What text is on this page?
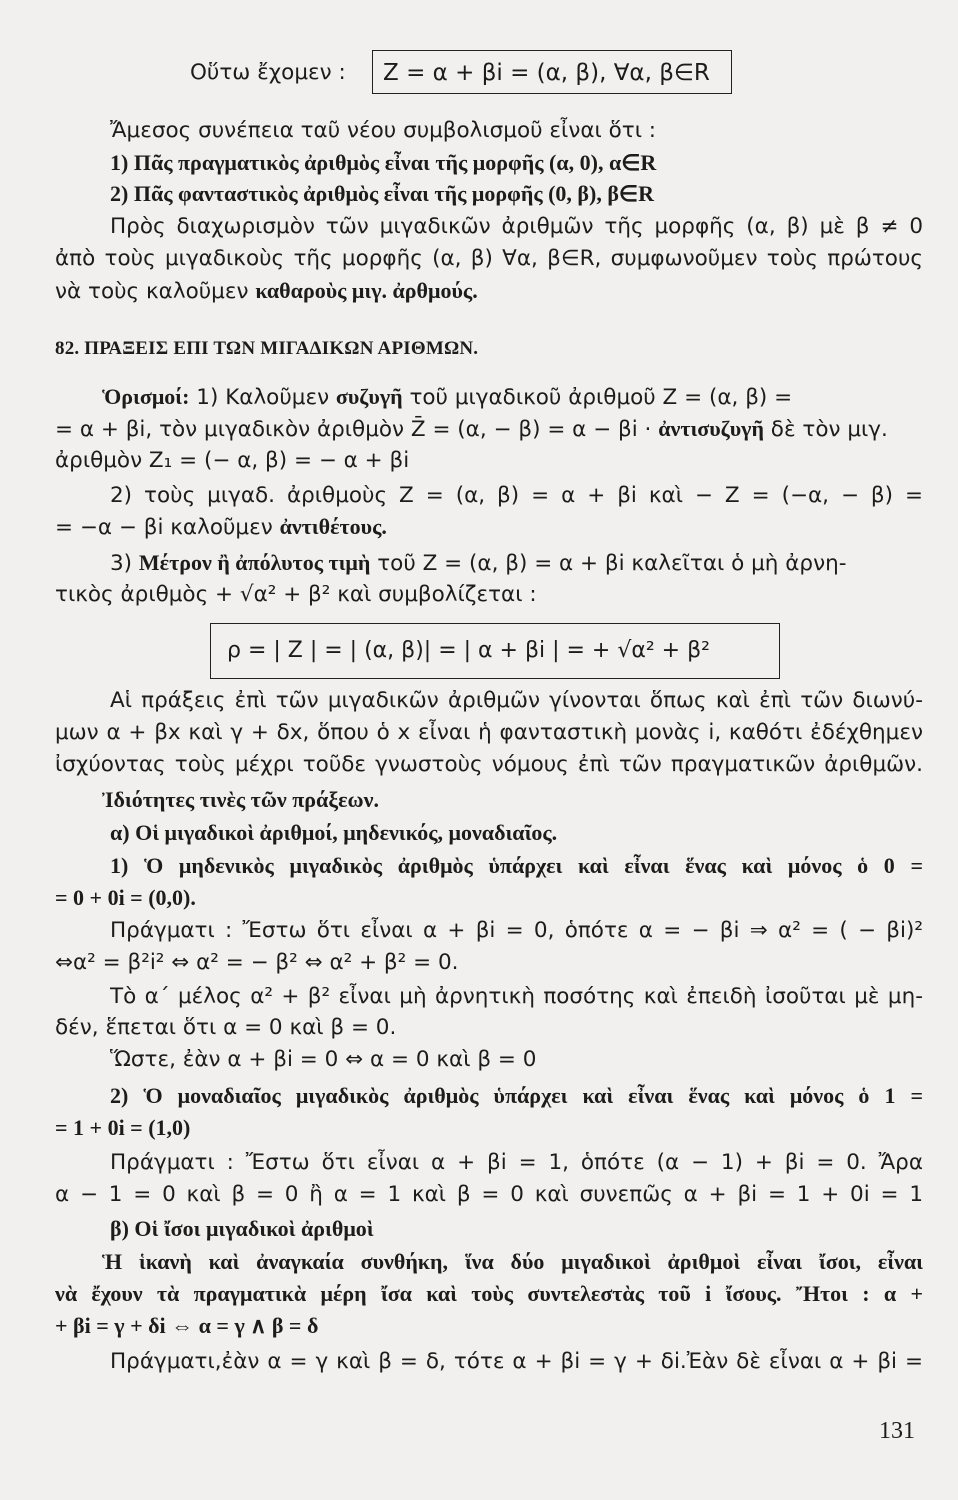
Οὕτω ἔχομεν :	Z = α + βi = (α, β), ∀α, β∈R
Ἄμεσος συνέπεια ταῦ νέου συμβολισμοῦ εἶναι ὅτι :
1) Πᾶς πραγματικὸς ἀριθμὸς εἶναι τῆς μορφῆς (α, 0), α∈R
2) Πᾶς φανταστικὸς ἀριθμὸς εἶναι τῆς μορφῆς (0, β), β∈R
Πρὸς διαχωρισμὸν τῶν μιγαδικῶν ἀριθμῶν τῆς μορφῆς (α, β) μὲ β ≠ 0
ἀπὸ τοὺς μιγαδικοὺς τῆς μορφῆς (α, β) ∀α, β∈R, συμφωνοῦμεν τοὺς πρώτους
νὰ τοὺς καλοῦμεν καθαροὺς μιγ. ἀρθμούς.
82. ΠΡΑΞΕΙΣ ΕΠΙ ΤΩΝ ΜΙΓΑΔΙΚΩΝ ΑΡΙΘΜΩΝ.
Ὁρισμοί: 1) Καλοῦμεν συζυγῆ τοῦ μιγαδικοῦ ἀριθμοῦ Z = (α, β) =
= α + βi, τὸν μιγαδικὸν ἀριθμὸν Z̄ = (α, − β) = α − βi · ἀντισυζυγῆ δὲ τὸν μιγ.
ἀριθμὸν Z₁ = (− α, β) = − α + βi
2) τοὺς μιγαδ. ἀριθμοὺς Z = (α, β) = α + βi καὶ − Z = (−α, − β) =
= −α − βi καλοῦμεν ἀντιθέτους.
3) Μέτρον ἢ ἀπόλυτος τιμὴ τοῦ Z = (α, β) = α + βi καλεῖται ὁ μὴ ἀρνη-
τικὸς ἀριθμὸς + √α² + β² καὶ συμβολίζεται :
ρ = | Z | = | (α, β)| = | α + βi | = + √α² + β²
Αἱ πράξεις ἐπὶ τῶν μιγαδικῶν ἀριθμῶν γίνονται ὅπως καὶ ἐπὶ τῶν διωνύ-
μων α + βx καὶ γ + δx, ὅπου ὁ x εἶναι ἡ φανταστικὴ μονὰς i, καθότι ἐδέχθημεν
ἰσχύοντας τοὺς μέχρι τοῦδε γνωστοὺς νόμους ἐπὶ τῶν πραγματικῶν ἀριθμῶν.
Ἰδιότητες τινὲς τῶν πράξεων.
α) Οἱ μιγαδικοὶ ἀριθμοί, μηδενικός, μοναδιαῖος.
1) Ὁ μηδενικὸς μιγαδικὸς ἀριθμὸς ὑπάρχει καὶ εἶναι ἕνας καὶ μόνος ὁ 0 =
= 0 + 0i = (0,0).
Πράγματι : Ἔστω ὅτι εἶναι α + βi = 0, ὁπότε α = − βi ⇒ α² = ( − βi)²
⇔α² = β²i² ⇔ α² = − β² ⇔ α² + β² = 0.
Τὸ α΄ μέλος α² + β² εἶναι μὴ ἀρνητικὴ ποσότης καὶ ἐπειδὴ ἰσοῦται μὲ μη-
δέν, ἕπεται ὅτι α = 0 καὶ β = 0.
Ὥστε, ἐὰν α + βi = 0 ⇔ α = 0 καὶ β = 0
2) Ὁ μοναδιαῖος μιγαδικὸς ἀριθμὸς ὑπάρχει καὶ εἶναι ἕνας καὶ μόνος ὁ 1 =
= 1 + 0i = (1,0)
Πράγματι : Ἔστω ὅτι εἶναι α + βi = 1, ὁπότε (α − 1) + βi = 0. Ἄρα
α − 1 = 0 καὶ β = 0 ἢ α = 1 καὶ β = 0 καὶ συνεπῶς α + βi = 1 + 0i = 1
β) Οἱ ἴσοι μιγαδικοὶ ἀριθμοὶ
Ἡ ἱκανὴ καὶ ἀναγκαία συνθήκη, ἵνα δύο μιγαδικοὶ ἀριθμοὶ εἶναι ἴσοι, εἶναι
νὰ ἔχουν τὰ πραγματικὰ μέρη ἴσα καὶ τοὺς συντελεστὰς τοῦ i ἴσους. Ἤτοι : α +
+ βi = γ + δi ⇔ α = γ ∧ β = δ
Πράγματι,ἐὰν α = γ καὶ β = δ, τότε α + βi = γ + δi.Ἐὰν δὲ εἶναι α + βi =
131
